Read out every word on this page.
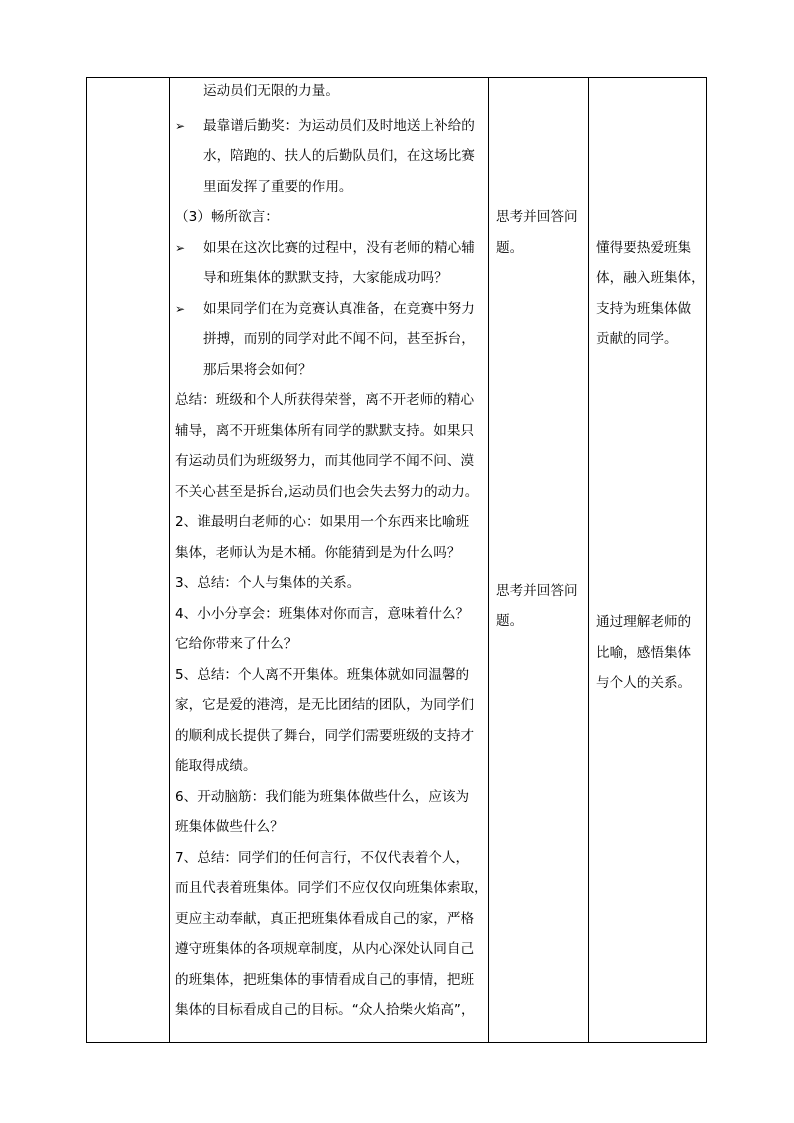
运动员们无限的力量。
➢ 最靠谱后勤奖：为运动员们及时地送上补给的
水，陪跑的、扶人的后勤队员们，在这场比赛
里面发挥了重要的作用。
（3）畅所欲言：
➢ 如果在这次比赛的过程中，没有老师的精心辅
导和班集体的默默支持，大家能成功吗？
➢ 如果同学们在为竞赛认真准备，在竞赛中努力
拼搏，而别的同学对此不闻不问，甚至拆台，
那后果将会如何？
总结：班级和个人所获得荣誉，离不开老师的精心
辅导，离不开班集体所有同学的默默支持。如果只
有运动员们为班级努力，而其他同学不闻不问、漠
不关心甚至是拆台,运动员们也会失去努力的动力。
2、谁最明白老师的心：如果用一个东西来比喻班
集体，老师认为是木桶。你能猜到是为什么吗？
3、总结：个人与集体的关系。
4、小小分享会：班集体对你而言，意味着什么？
它给你带来了什么？
5、总结：个人离不开集体。班集体就如同温馨的
家，它是爱的港湾，是无比团结的团队，为同学们
的顺利成长提供了舞台，同学们需要班级的支持才
能取得成绩。
6、开动脑筋：我们能为班集体做些什么，应该为
班集体做些什么？
7、总结：同学们的任何言行，不仅代表着个人，
而且代表着班集体。同学们不应仅仅向班集体索取，
更应主动奉献，真正把班集体看成自己的家，严格
遵守班集体的各项规章制度，从内心深处认同自己
的班集体，把班集体的事情看成自己的事情，把班
集体的目标看成自己的目标。“众人拾柴火焰高”，
思考并回答问
题。
思考并回答问
题。
懂得要热爱班集
体，融入班集体，
支持为班集体做
贡献的同学。
通过理解老师的
比喻，感悟集体
与个人的关系。
